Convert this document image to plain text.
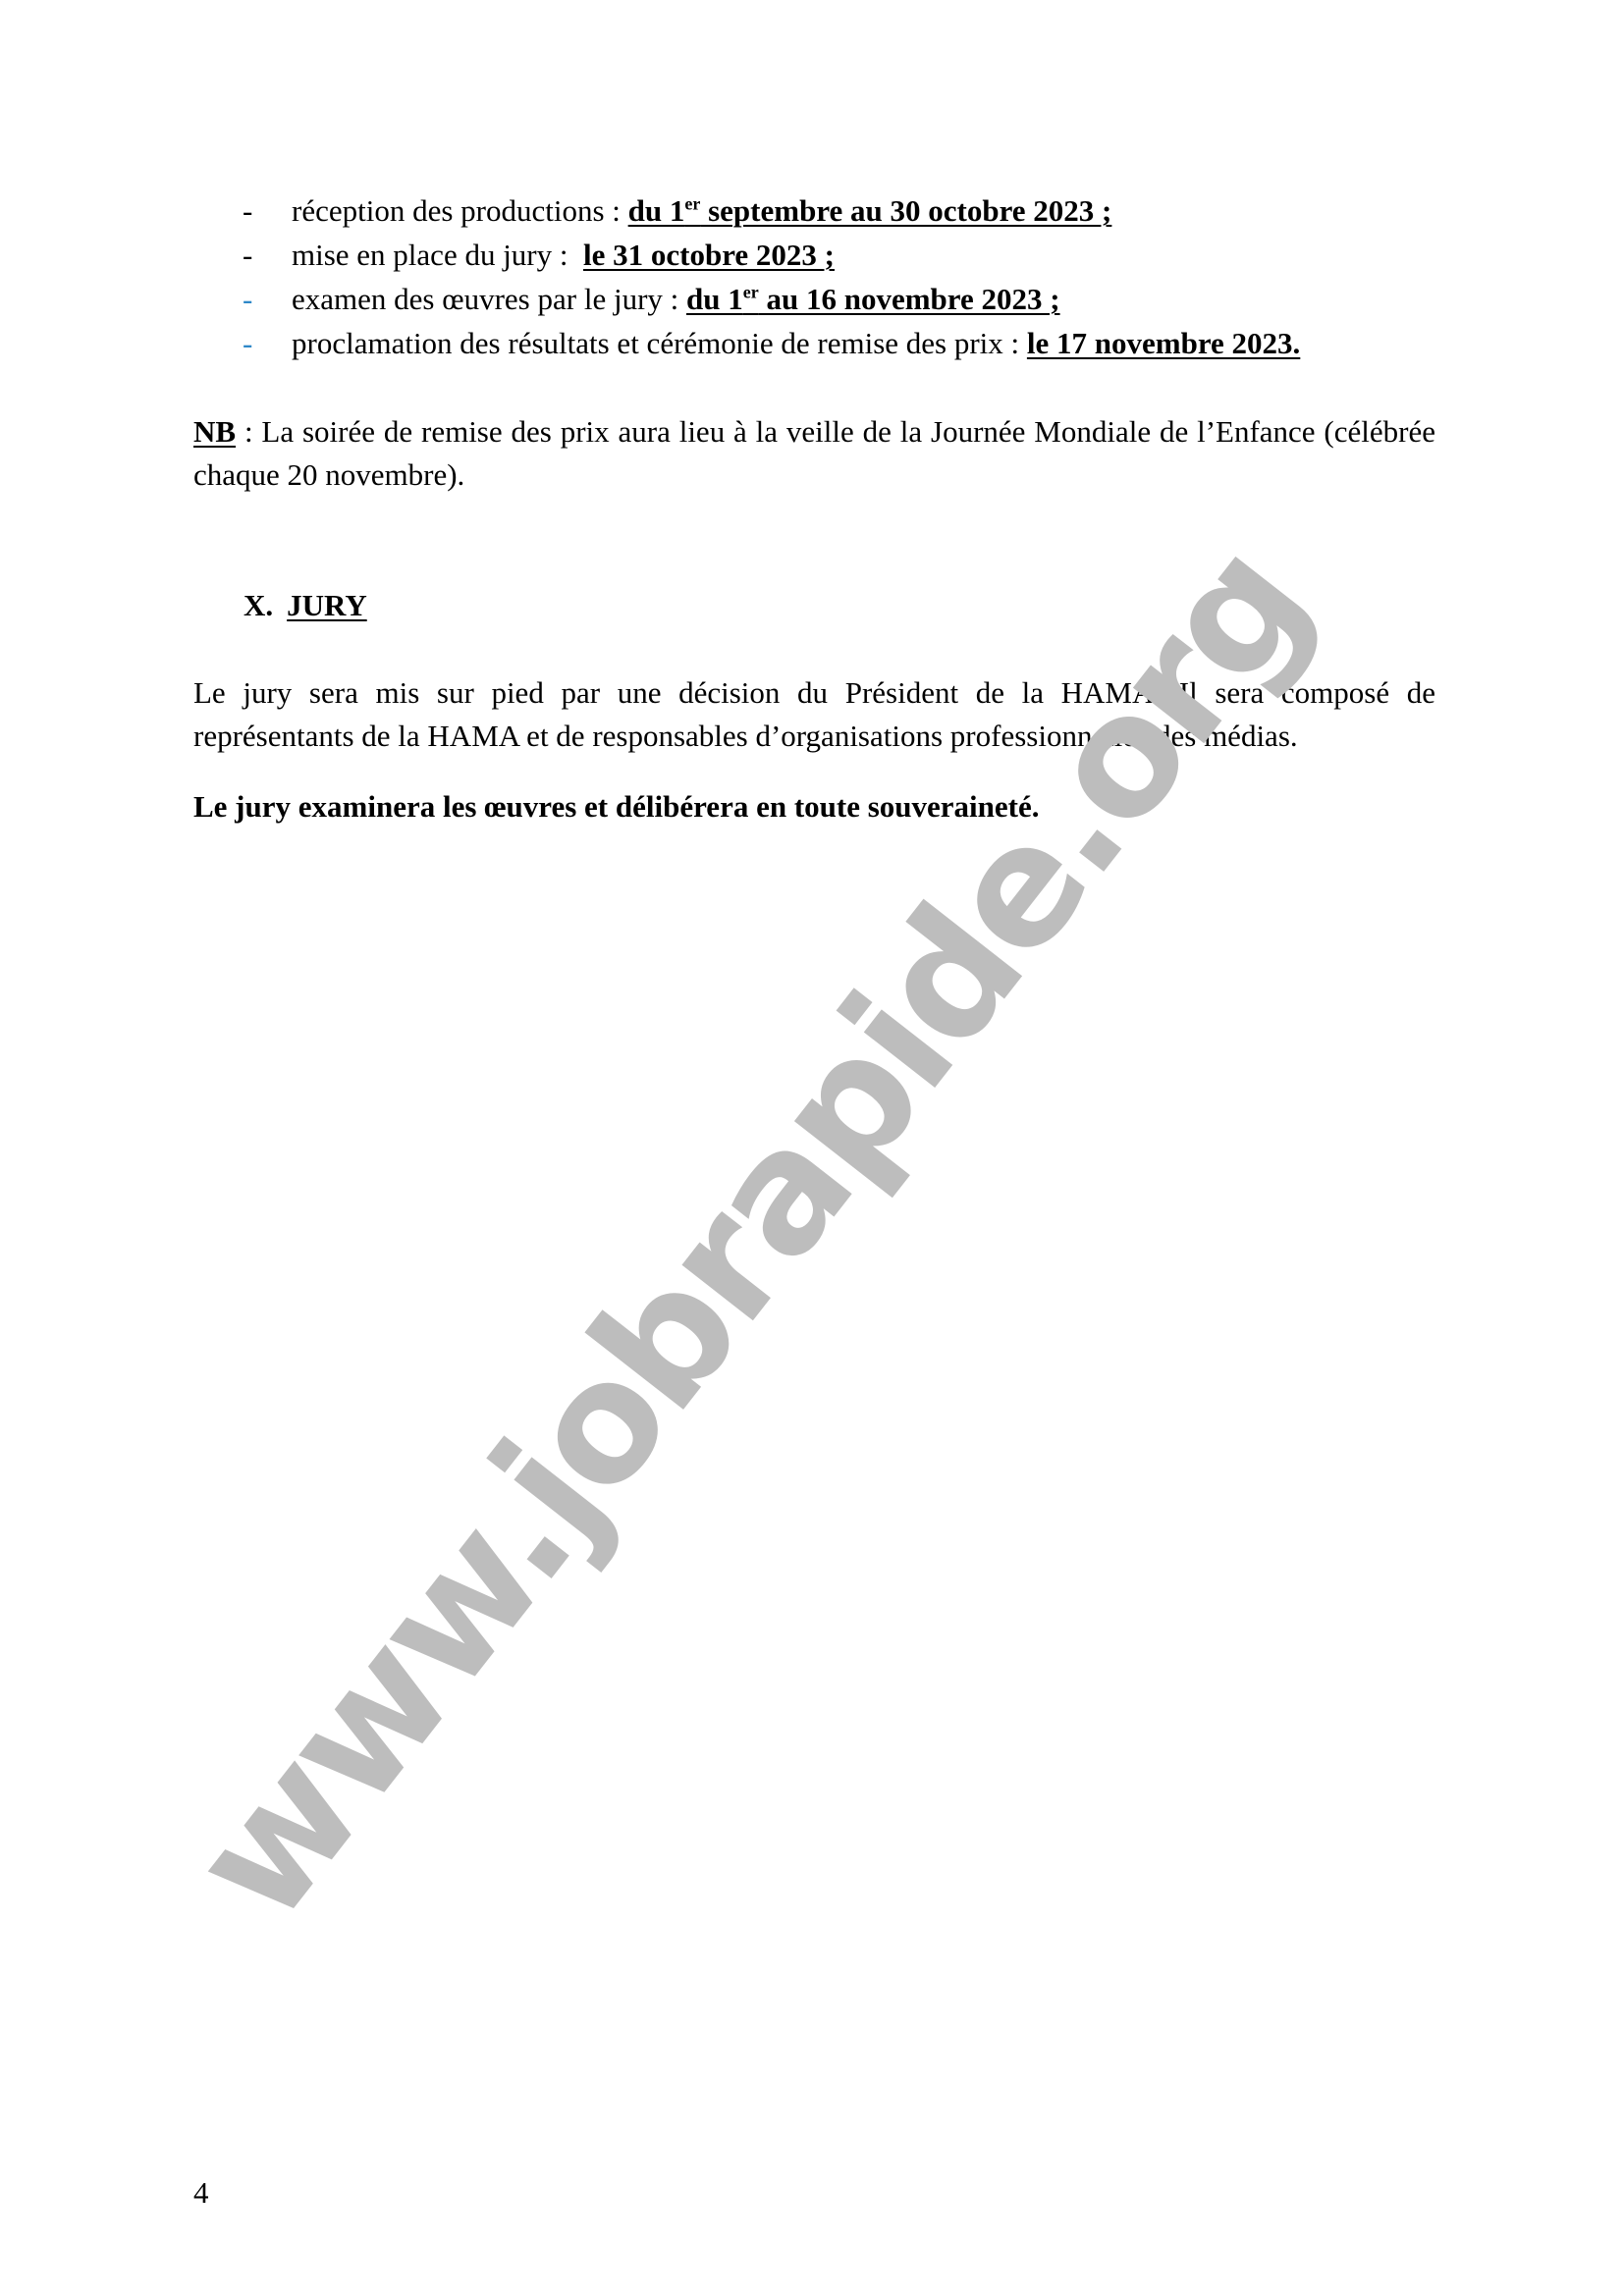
-	réception des productions : du 1er septembre au 30 octobre 2023 ;
-	mise en place du jury :  le 31 octobre 2023 ;
-	examen des œuvres par le jury : du 1er au 16 novembre 2023 ;
-	proclamation des résultats et cérémonie de remise des prix : le 17 novembre 2023.

NB : La soirée de remise des prix aura lieu à la veille de la Journée Mondiale de l’Enfance (célébrée chaque 20 novembre).

X. JURY

Le jury sera mis sur pied par une décision du Président de la HAMA. Il sera composé de représentants de la HAMA et de responsables d’organisations professionnelles des médias.

Le jury examinera les œuvres et délibérera en toute souveraineté.

4

www.jobrapide.org
